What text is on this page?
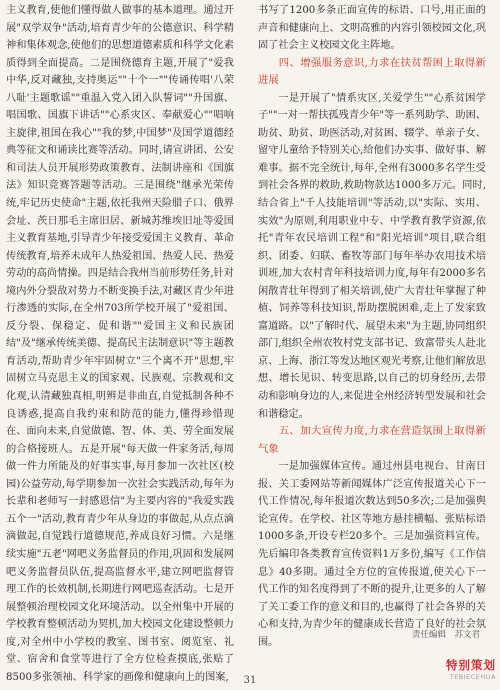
主义教育,使他们懂得做人做事的基本道理。通过开展"双学双争"活动,培育青少年的公德意识、科学精神和集体观念,使他们的思想道德素质和科学文化素质得到全面提高。二是围绕德育主题,开展了"爱我中华,反对藏独,支持奥运""十个一""传诵传唱'八荣八耻'主题歌谣""重温入党入团入队誓词""升国旗、唱国歌、国旗下讲话""心系灾区、奉献爱心""唱响主旋律,祖国在我心""我的梦,中国梦"及国学道德经典等征文和诵读比赛等活动。同时,请宣讲团、公安和司法人员开展形势政策教育、法制讲座和《国旗法》知识竞赛答题等活动。三是围绕"继承光荣传统,牢记历史使命"主题,依托我州天险腊子口、俄界会址、茨日那毛主席旧居、新城苏维埃旧址等爱国主义教育基地,引导青少年接受爱国主义教育、革命传统教育,培养未成年人热爱祖国、热爱人民、热爱劳动的高尚情操。四是结合我州当前形势任务,针对境内外分裂敌对势力不断变换手法,对藏区青少年进行渗透的实际,在全州703所学校开展了"爱祖国、反分裂、保稳定、促和谐""爱国主义和民族团结"及"继承传统美德、提高民主法制意识"等主题教育活动,帮助青少年牢固树立"三个离不开"思想,牢固树立马克思主义的国家观、民族观、宗教观和文化观,认清藏独真相,明辨是非曲直,自觉抵制各种不良诱惑,提高自我约束和防范的能力,懂得珍惜现在、面向未来,自觉做德、智、体、美、劳全面发展的合格接班人。五是开展"每天做一件家务活,每周做一件力所能及的好事实事,每月参加一次社区(校园)公益劳动,每学期参加一次社会实践活动,每年为长辈和老师写一封感恩信"为主要内容的"我爱实践五个一"活动,教育青少年从身边的事做起,从点点滴滴做起,自觉践行道德规范,养成良好习惯。六是继续实施"五老"网吧义务监督员的作用,巩固和发展网吧义务监督员队伍,提高监督水平,建立网吧监督管理工作的长效机制,长期进行网吧巡查活动。七是开展整顿治理校园文化环境活动。以全州集中开展的学校教育整顿活动为契机,加大校园文化建设整顿力度,对全州中小学校的教室、图书室、阅览室、礼堂、宿舍和食堂等进行了全方位检查摸底,张贴了8500多张领袖、科学家的画像和健康向上的图案,

书写了1200多条正面宣传的标语、口号,用正面的声音和健康向上、文明高雅的内容引领校园文化,巩固了社会主义校园文化主阵地。

四、增强服务意识,力求在扶贫帮困上取得新进展

一是开展了"情系灾区,关爱学生""心系贫困学子""一对一帮扶孤残青少年"等一系列助学、助困、助贫、助贫、助医活动,对贫困、辍学、单亲子女、留守儿童给予特别关心,给他们办实事、做好事、解难事。据不完全统计,每年,全州有3000多名学生受到社会各界的救助,救助物款达1000多万元。同时,结合省上"千人技能培训"等活动,以"实际、实用、实效"为原则,利用职业中专、中学教育教学资源,依托"青年农民培训工程"和"阳光培训"项目,联合组织、团委、妇联、畜牧等部门每年举办农用技术培训班,加大农村青年科技培训力度,每年有2000多名闲散青壮年得到了相关培训,使广大青壮年掌握了种植、饲养等科技知识,帮助摆脱困难,走上了发家致富道路。以"了解时代、展望未来"为主题,协同组织部门,组织全州农牧村党支部书记、致富带头人赴北京、上海、浙江等发达地区观光考察,让他们解放思想、增长见识、转变思路,以自己的切身经历,去带动和影响身边的人,来促进全州经济转型发展和社会和谐稳定。

五、加大宣传力度,力求在营造氛围上取得新气象

一是加强媒体宣传。通过州县电视台、甘南日报、关工委网站等新闻媒体广泛宣传报道关心下一代工作情况,每年报道次数达到50多次;二是加强舆论宣传。在学校、社区等地方悬挂横幅、张贴标语1000多条,开设专栏20多个。三是加强资料宣传。先后编印各类教育宣传资料1万多份,编写《工作信息》40多期。通过全方位的宣传报道,使关心下一代工作的知名度得到了不断的提升,让更多的人了解了关工委工作的意义和目的,也赢得了社会各界的关心和支持,为青少年的健康成长营造了良好的社会氛围。

责任编辑　苏文君
31
特别策划
TEBIECEHUA
